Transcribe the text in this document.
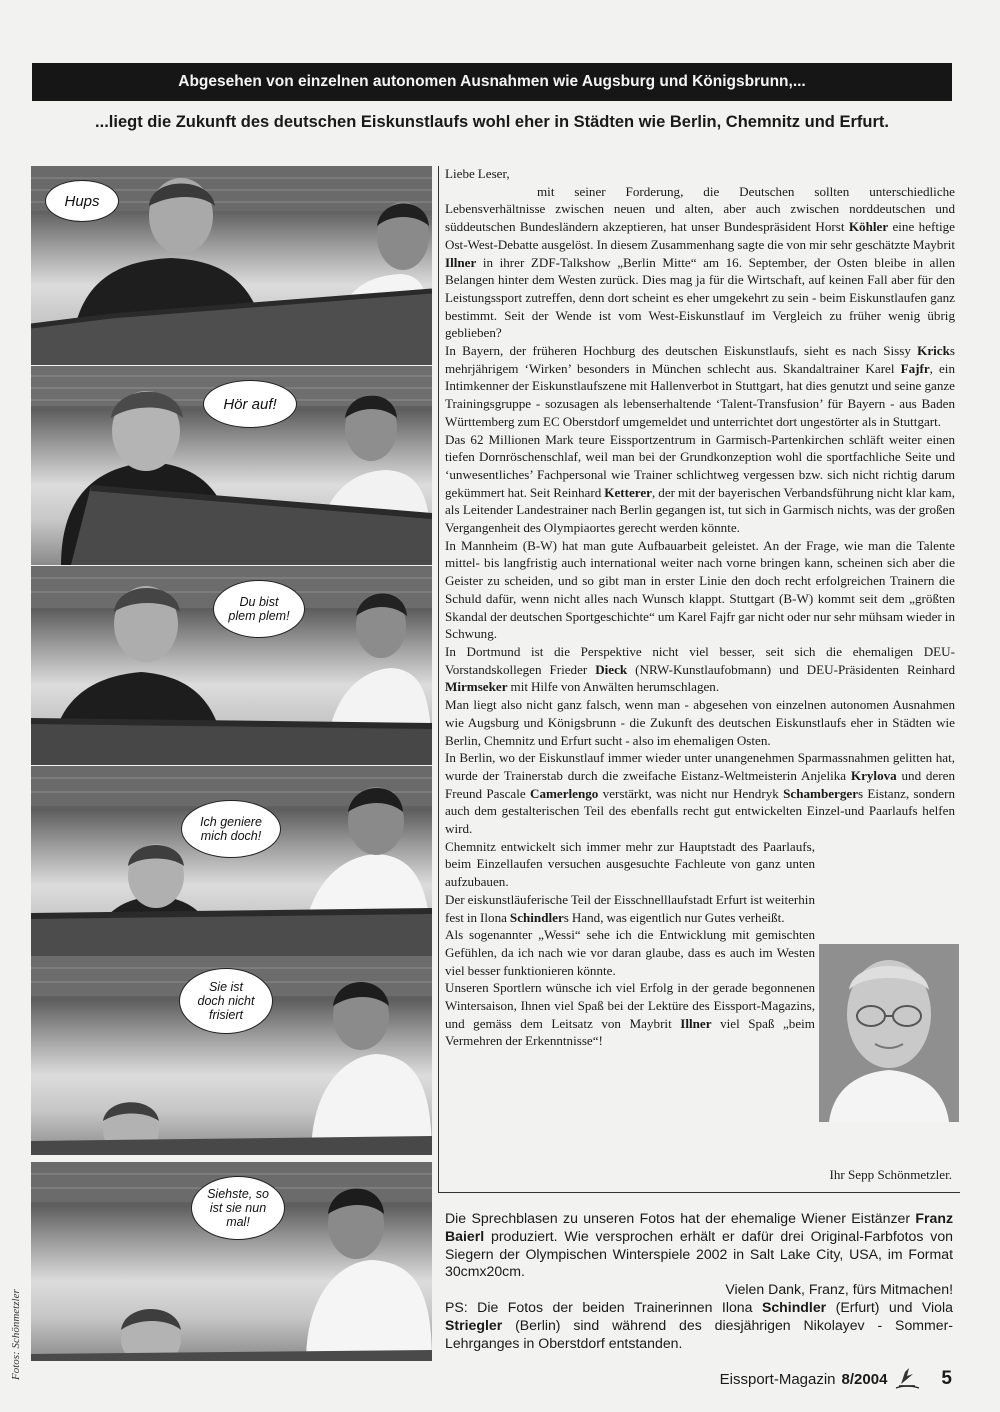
Abgesehen von einzelnen autonomen Ausnahmen wie Augsburg und Königsbrunn,...
...liegt die Zukunft des deutschen Eiskunstlaufs wohl eher in Städten wie Berlin, Chemnitz und Erfurt.
Hups
Hör auf!
Du bist
plem plem!
Ich geniere
mich doch!
Sie ist
doch nicht
frisiert
Siehste, so
ist sie nun
mal!
Fotos: Schönmetzler

Liebe Leser,

mit seiner Forderung, die Deutschen sollten unterschiedliche Lebensverhältnisse zwischen neuen und alten, aber auch zwischen norddeutschen und süddeutschen Bundesländern akzeptieren, hat unser Bundespräsident Horst Köhler eine heftige Ost-West-Debatte ausgelöst. In diesem Zusammenhang sagte die von mir sehr geschätzte Maybrit Illner in ihrer ZDF-Talkshow „Berlin Mitte“ am 16. September, der Osten bleibe in allen Belangen hinter dem Westen zurück. Dies mag ja für die Wirtschaft, auf keinen Fall aber für den Leistungssport zutreffen, denn dort scheint es eher umgekehrt zu sein - beim Eiskunstlaufen ganz bestimmt. Seit der Wende ist vom West-Eiskunstlauf im Vergleich zu früher wenig übrig geblieben?

In Bayern, der früheren Hochburg des deutschen Eiskunstlaufs, sieht es nach Sissy Kricks mehrjährigem ‘Wirken’ besonders in München schlecht aus. Skandaltrainer Karel Fajfr, ein Intimkenner der Eiskunstlaufszene mit Hallenverbot in Stuttgart, hat dies genutzt und seine ganze Trainingsgruppe - sozusagen als lebenserhaltende ‘Talent-Transfusion’ für Bayern - aus Baden Württemberg zum EC Oberstdorf umgemeldet und unterrichtet dort ungestörter als in Stuttgart.

Das 62 Millionen Mark teure Eissportzentrum in Garmisch-Partenkirchen schläft weiter einen tiefen Dornröschenschlaf, weil man bei der Grundkonzeption wohl die sportfachliche Seite und ‘unwesentliches’ Fachpersonal wie Trainer schlichtweg vergessen bzw. sich nicht richtig darum gekümmert hat. Seit Reinhard Ketterer, der mit der bayerischen Verbandsführung nicht klar kam, als Leitender Landestrainer nach Berlin gegangen ist, tut sich in Garmisch nichts, was der großen Vergangenheit des Olympiaortes gerecht werden könnte.

In Mannheim (B-W) hat man gute Aufbauarbeit geleistet. An der Frage, wie man die Talente mittel- bis langfristig auch international weiter nach vorne bringen kann, scheinen sich aber die Geister zu scheiden, und so gibt man in erster Linie den doch recht erfolgreichen Trainern die Schuld dafür, wenn nicht alles nach Wunsch klappt. Stuttgart (B-W) kommt seit dem „größten Skandal der deutschen Sportgeschichte“ um Karel Fajfr gar nicht oder nur sehr mühsam wieder in Schwung.

In Dortmund ist die Perspektive nicht viel besser, seit sich die ehemaligen DEU-Vorstandskollegen Frieder Dieck (NRW-Kunstlaufobmann) und DEU-Präsidenten Reinhard Mirmseker mit Hilfe von Anwälten herumschlagen.

Man liegt also nicht ganz falsch, wenn man - abgesehen von einzelnen autonomen Ausnahmen wie Augsburg und Königsbrunn - die Zukunft des deutschen Eiskunstlaufs eher in Städten wie Berlin, Chemnitz und Erfurt sucht - also im ehemaligen Osten.

In Berlin, wo der Eiskunstlauf immer wieder unter unangenehmen Sparmassnahmen gelitten hat, wurde der Trainerstab durch die zweifache Eistanz-Weltmeisterin Anjelika Krylova und deren Freund Pascale Camerlengo verstärkt, was nicht nur Hendryk Schambergers Eistanz, sondern auch dem gestalterischen Teil des ebenfalls recht gut entwickelten Einzel-und Paarlaufs helfen wird.

Chemnitz entwickelt sich immer mehr zur Hauptstadt des Paarlaufs, beim Einzellaufen versuchen ausgesuchte Fachleute von ganz unten aufzubauen.

Der eiskunstläuferische Teil der Eisschnelllaufstadt Erfurt ist weiterhin fest in Ilona Schindlers Hand, was eigentlich nur Gutes verheißt.

Als sogenannter „Wessi“ sehe ich die Entwicklung mit gemischten Gefühlen, da ich nach wie vor daran glaube, dass es auch im Westen viel besser funktionieren könnte.

Unseren Sportlern wünsche ich viel Erfolg in der gerade begonnenen Wintersaison, Ihnen viel Spaß bei der Lektüre des Eissport-Magazins, und gemäss dem Leitsatz von Maybrit Illner viel Spaß „beim Vermehren der Erkenntnisse“!

Ihr Sepp Schönmetzler.

Die Sprechblasen zu unseren Fotos hat der ehemalige Wiener Eistänzer Franz Baierl produziert. Wie versprochen erhält er dafür drei Original-Farbfotos von Siegern der Olympischen Winterspiele 2002 in Salt Lake City, USA, im Format 30cmx20cm.

Vielen Dank, Franz, fürs Mitmachen!

PS: Die Fotos der beiden Trainerinnen Ilona Schindler (Erfurt) und Viola Striegler (Berlin) sind während des diesjährigen Nikolayev - Sommer-Lehrganges in Oberstdorf entstanden.

Eissport-Magazin 8/2004	5
